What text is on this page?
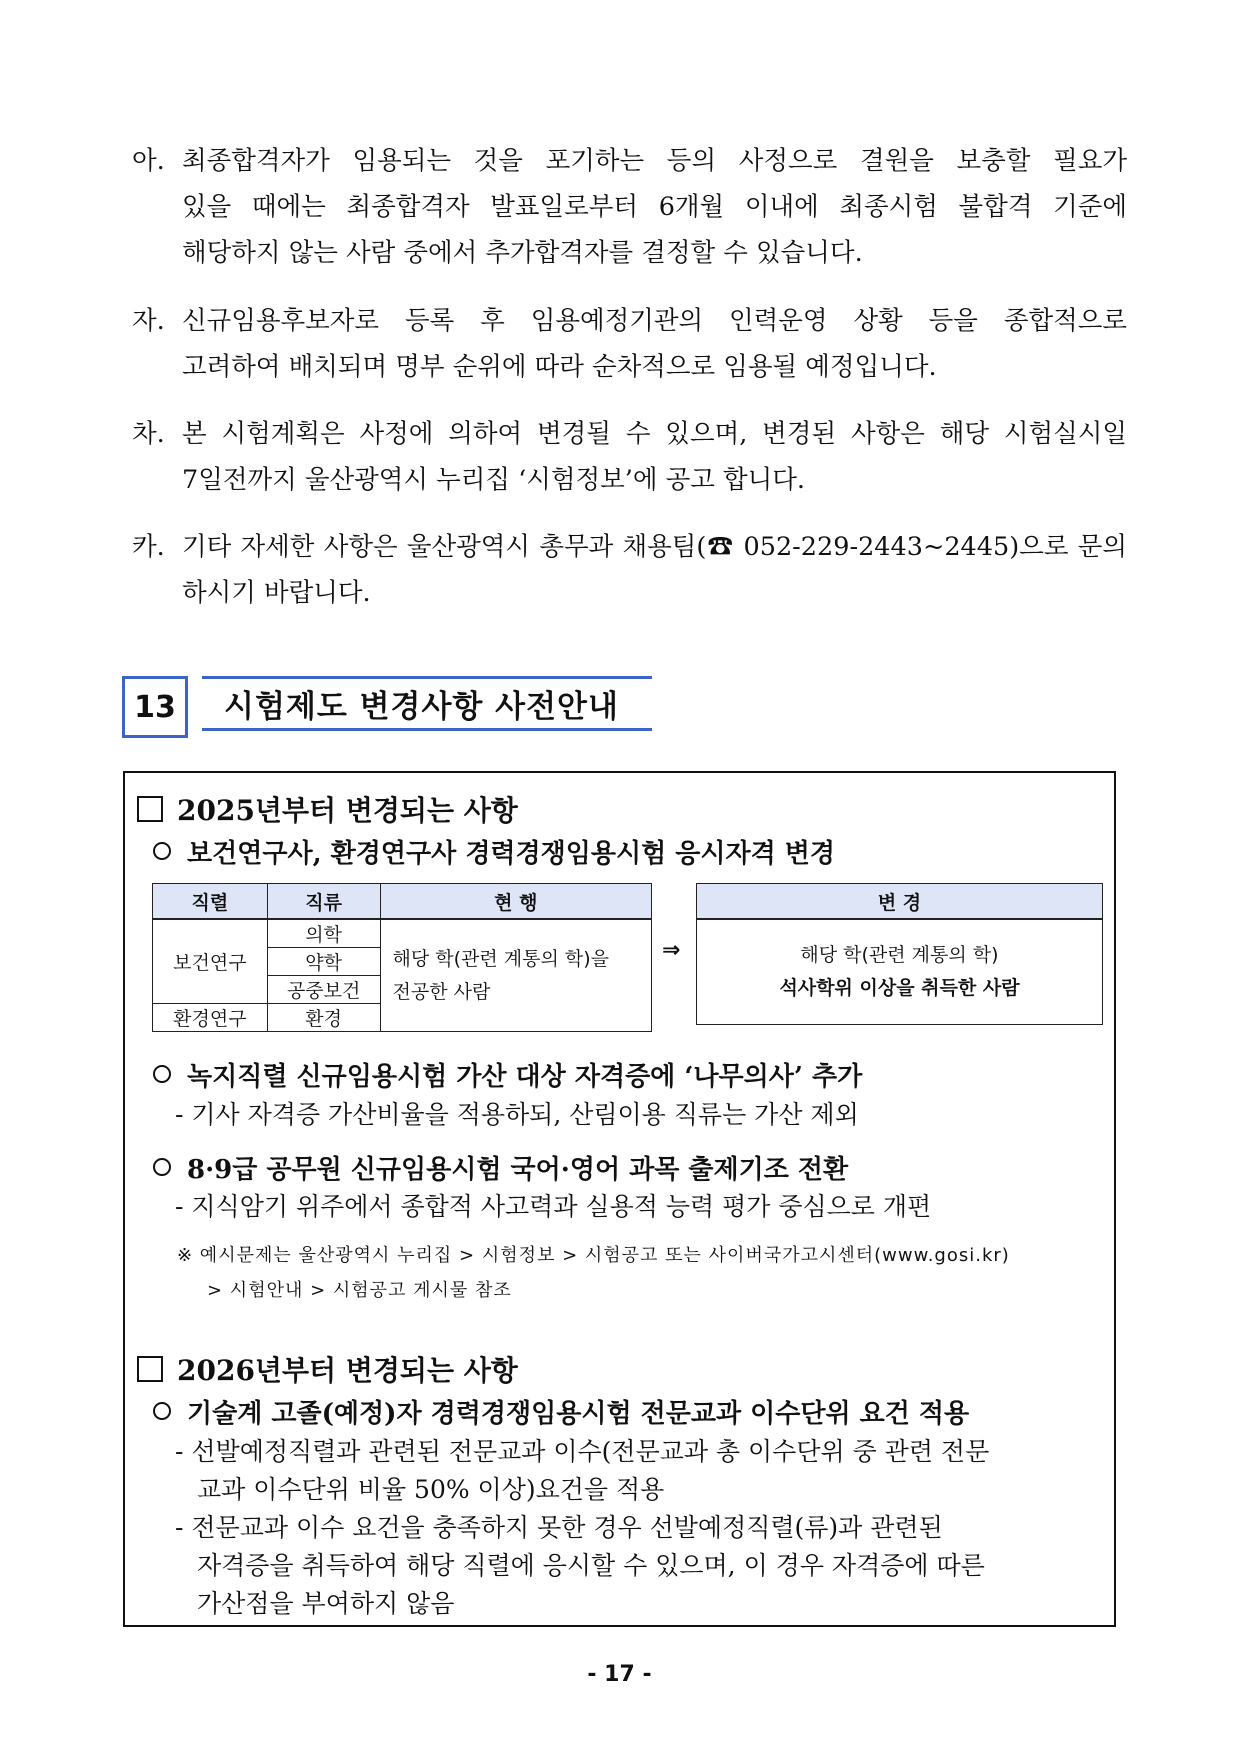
아. 최종합격자가 임용되는 것을 포기하는 등의 사정으로 결원을 보충할 필요가
있을 때에는 최종합격자 발표일로부터 6개월 이내에 최종시험 불합격 기준에
해당하지 않는 사람 중에서 추가합격자를 결정할 수 있습니다.
자. 신규임용후보자로 등록 후 임용예정기관의 인력운영 상황 등을 종합적으로
고려하여 배치되며 명부 순위에 따라 순차적으로 임용될 예정입니다.
차. 본 시험계획은 사정에 의하여 변경될 수 있으며, 변경된 사항은 해당 시험실시일
7일전까지 울산광역시 누리집 ‘시험정보’에 공고 합니다.
카. 기타 자세한 사항은 울산광역시 총무과 채용팀(☎ 052-229-2443~2445)으로 문의
하시기 바랍니다.
13	시험제도 변경사항 사전안내
2025년부터 변경되는 사항
보건연구사, 환경연구사 경력경쟁임용시험 응시자격 변경
직렬	직류	현 행
보건연구	의학	해당 학(관련 계통의 학)을
전공한 사람

	약학	
	공중보건	
환경연구	환경	
⇒
변 경

해당 학(관련 계통의 학)
석사학위 이상을 취득한 사람
녹지직렬 신규임용시험 가산 대상 자격증에 ‘나무의사’ 추가
- 기사 자격증 가산비율을 적용하되, 산림이용 직류는 가산 제외
8·9급 공무원 신규임용시험 국어·영어 과목 출제기조 전환
- 지식암기 위주에서 종합적 사고력과 실용적 능력 평가 중심으로 개편
※ 예시문제는 울산광역시 누리집 > 시험정보 > 시험공고 또는 사이버국가고시센터(www.gosi.kr)
> 시험안내 > 시험공고 게시물 참조
2026년부터 변경되는 사항
기술계 고졸(예정)자 경력경쟁임용시험 전문교과 이수단위 요건 적용
- 선발예정직렬과 관련된 전문교과 이수(전문교과 총 이수단위 중 관련 전문
교과 이수단위 비율 50% 이상)요건을 적용
- 전문교과 이수 요건을 충족하지 못한 경우 선발예정직렬(류)과 관련된
자격증을 취득하여 해당 직렬에 응시할 수 있으며, 이 경우 자격증에 따른
가산점을 부여하지 않음
- 17 -
